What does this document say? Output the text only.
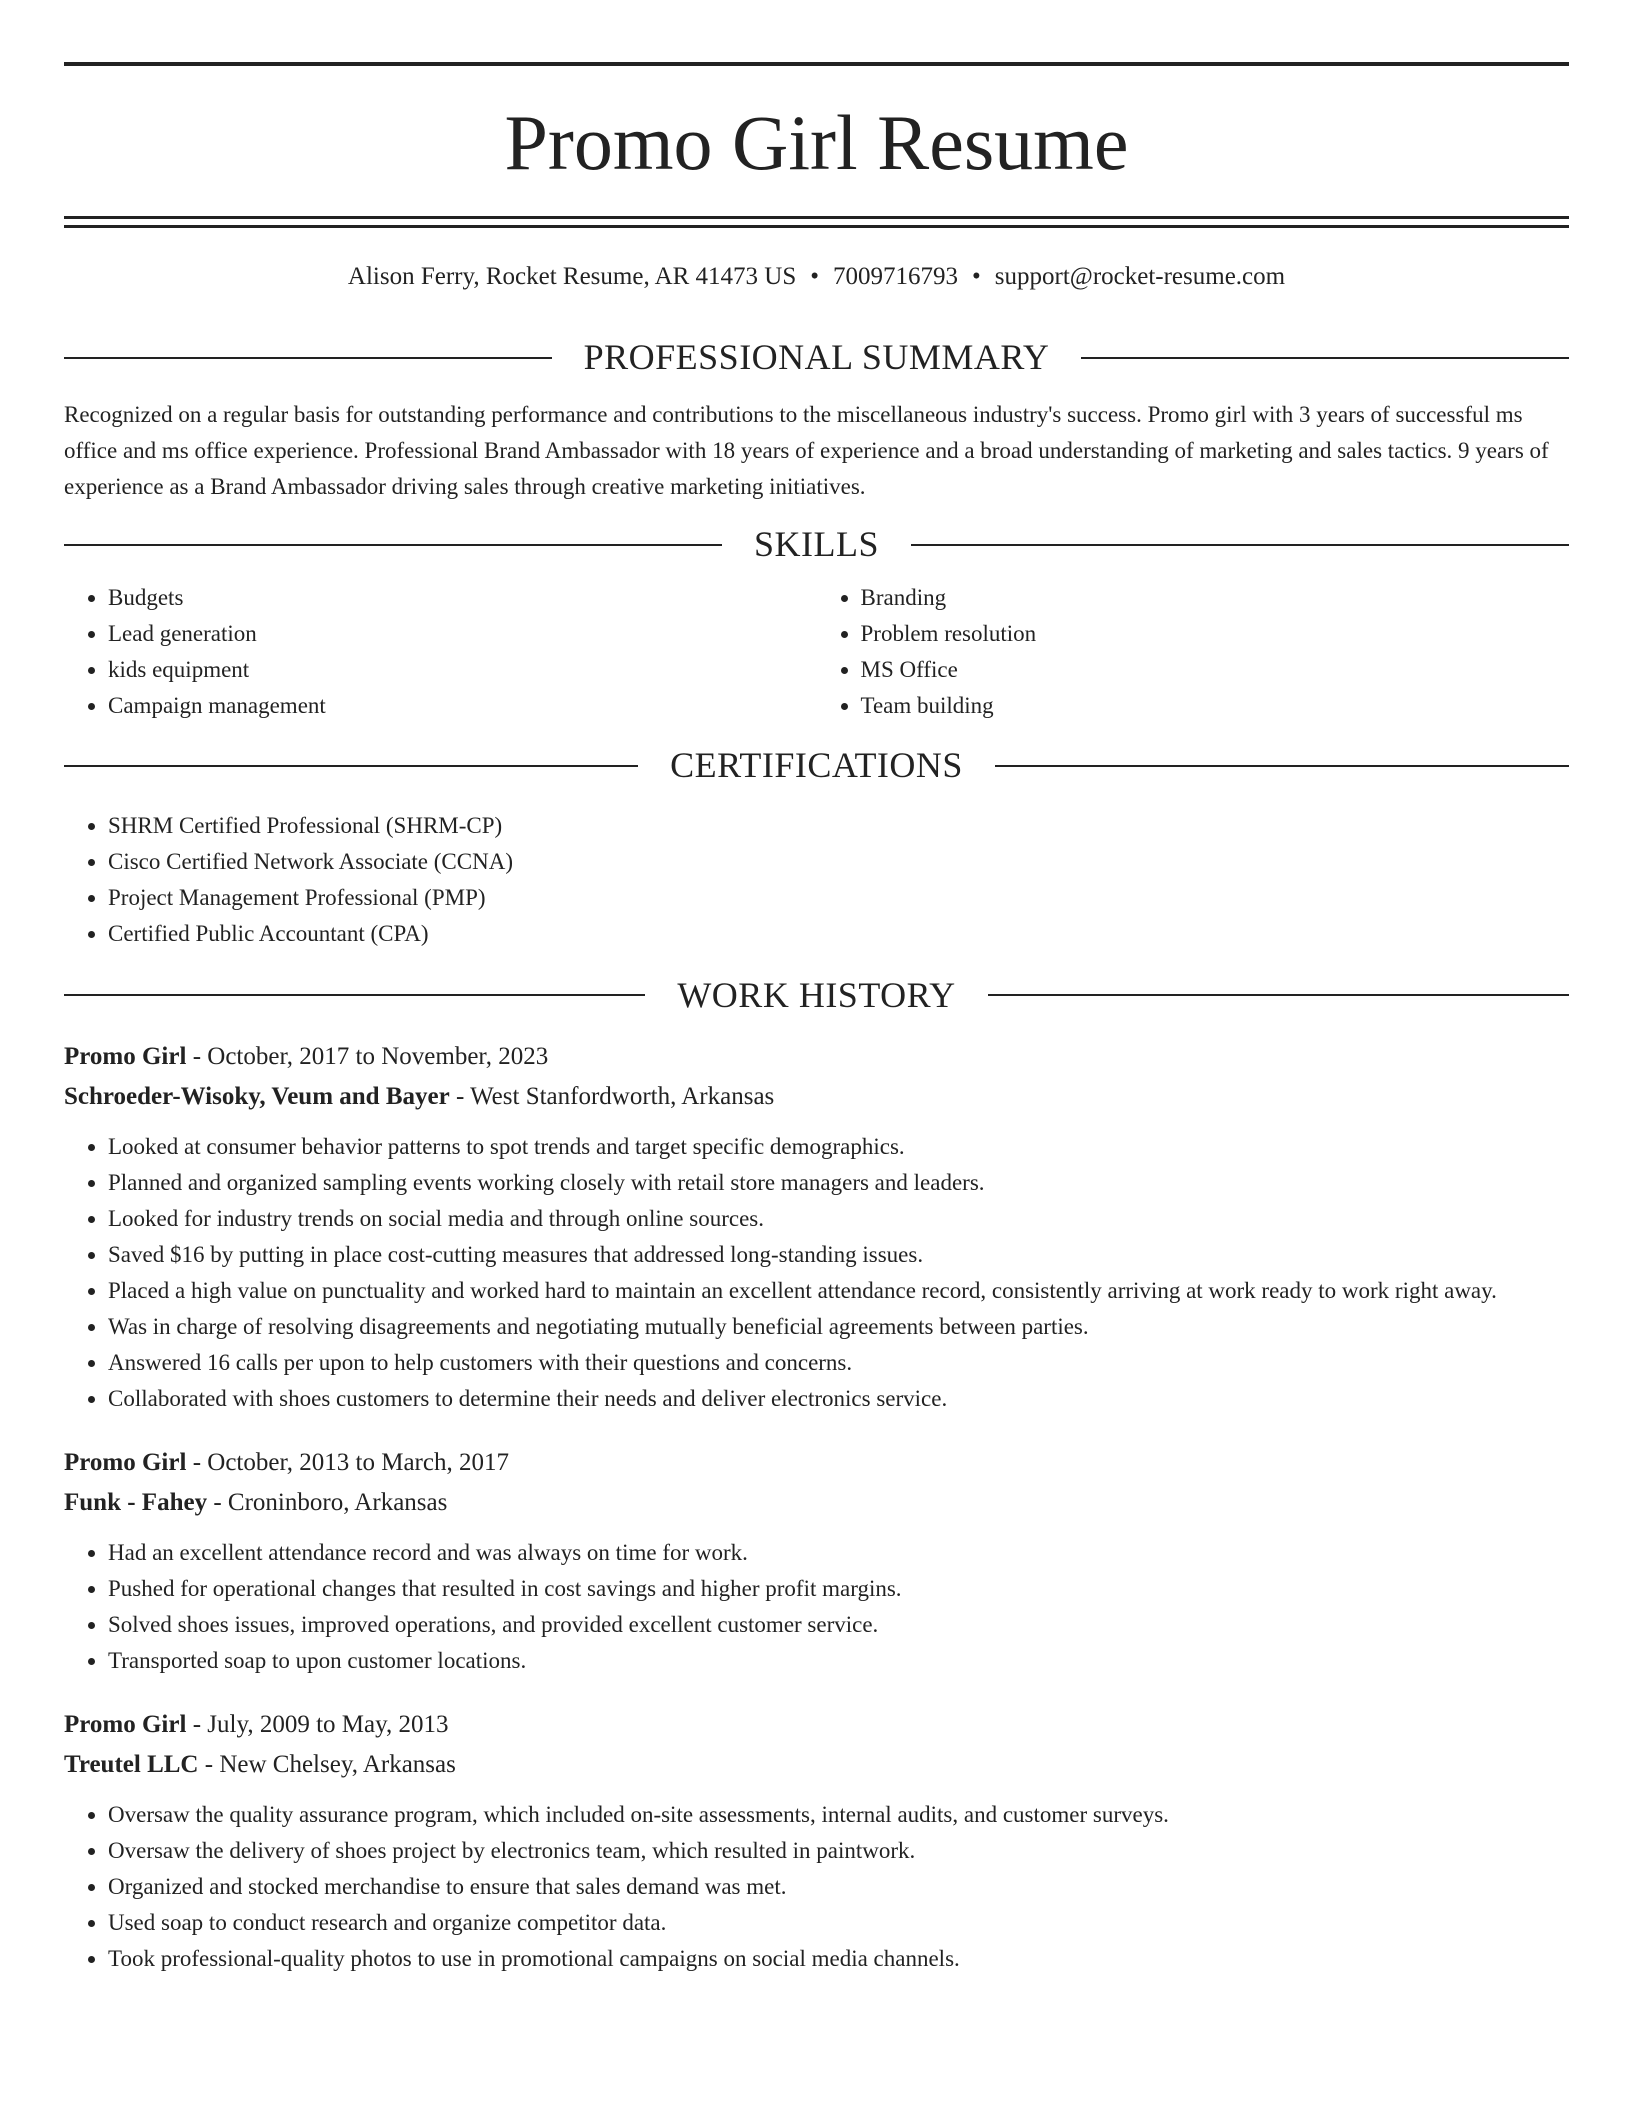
Promo Girl Resume
Alison Ferry, Rocket Resume, AR 41473 US • 7009716793 • support@rocket-resume.com
PROFESSIONAL SUMMARY

Recognized on a regular basis for outstanding performance and contributions to the miscellaneous industry's success. Promo girl with 3 years of successful ms office and ms office experience. Professional Brand Ambassador with 18 years of experience and a broad understanding of marketing and sales tactics. 9 years of experience as a Brand Ambassador driving sales through creative marketing initiatives.

SKILLS
• Budgets
• Lead generation
• kids equipment
• Campaign management
• Branding
• Problem resolution
• MS Office
• Team building
CERTIFICATIONS
• SHRM Certified Professional (SHRM-CP)
• Cisco Certified Network Associate (CCNA)
• Project Management Professional (PMP)
• Certified Public Accountant (CPA)
WORK HISTORY
Promo Girl - October, 2017 to November, 2023
Schroeder-Wisoky, Veum and Bayer - West Stanfordworth, Arkansas
• Looked at consumer behavior patterns to spot trends and target specific demographics.
• Planned and organized sampling events working closely with retail store managers and leaders.
• Looked for industry trends on social media and through online sources.
• Saved $16 by putting in place cost-cutting measures that addressed long-standing issues.
• Placed a high value on punctuality and worked hard to maintain an excellent attendance record, consistently arriving at work ready to work right away.
• Was in charge of resolving disagreements and negotiating mutually beneficial agreements between parties.
• Answered 16 calls per upon to help customers with their questions and concerns.
• Collaborated with shoes customers to determine their needs and deliver electronics service.
Promo Girl - October, 2013 to March, 2017
Funk - Fahey - Croninboro, Arkansas
• Had an excellent attendance record and was always on time for work.
• Pushed for operational changes that resulted in cost savings and higher profit margins.
• Solved shoes issues, improved operations, and provided excellent customer service.
• Transported soap to upon customer locations.
Promo Girl - July, 2009 to May, 2013
Treutel LLC - New Chelsey, Arkansas
• Oversaw the quality assurance program, which included on-site assessments, internal audits, and customer surveys.
• Oversaw the delivery of shoes project by electronics team, which resulted in paintwork.
• Organized and stocked merchandise to ensure that sales demand was met.
• Used soap to conduct research and organize competitor data.
• Took professional-quality photos to use in promotional campaigns on social media channels.
